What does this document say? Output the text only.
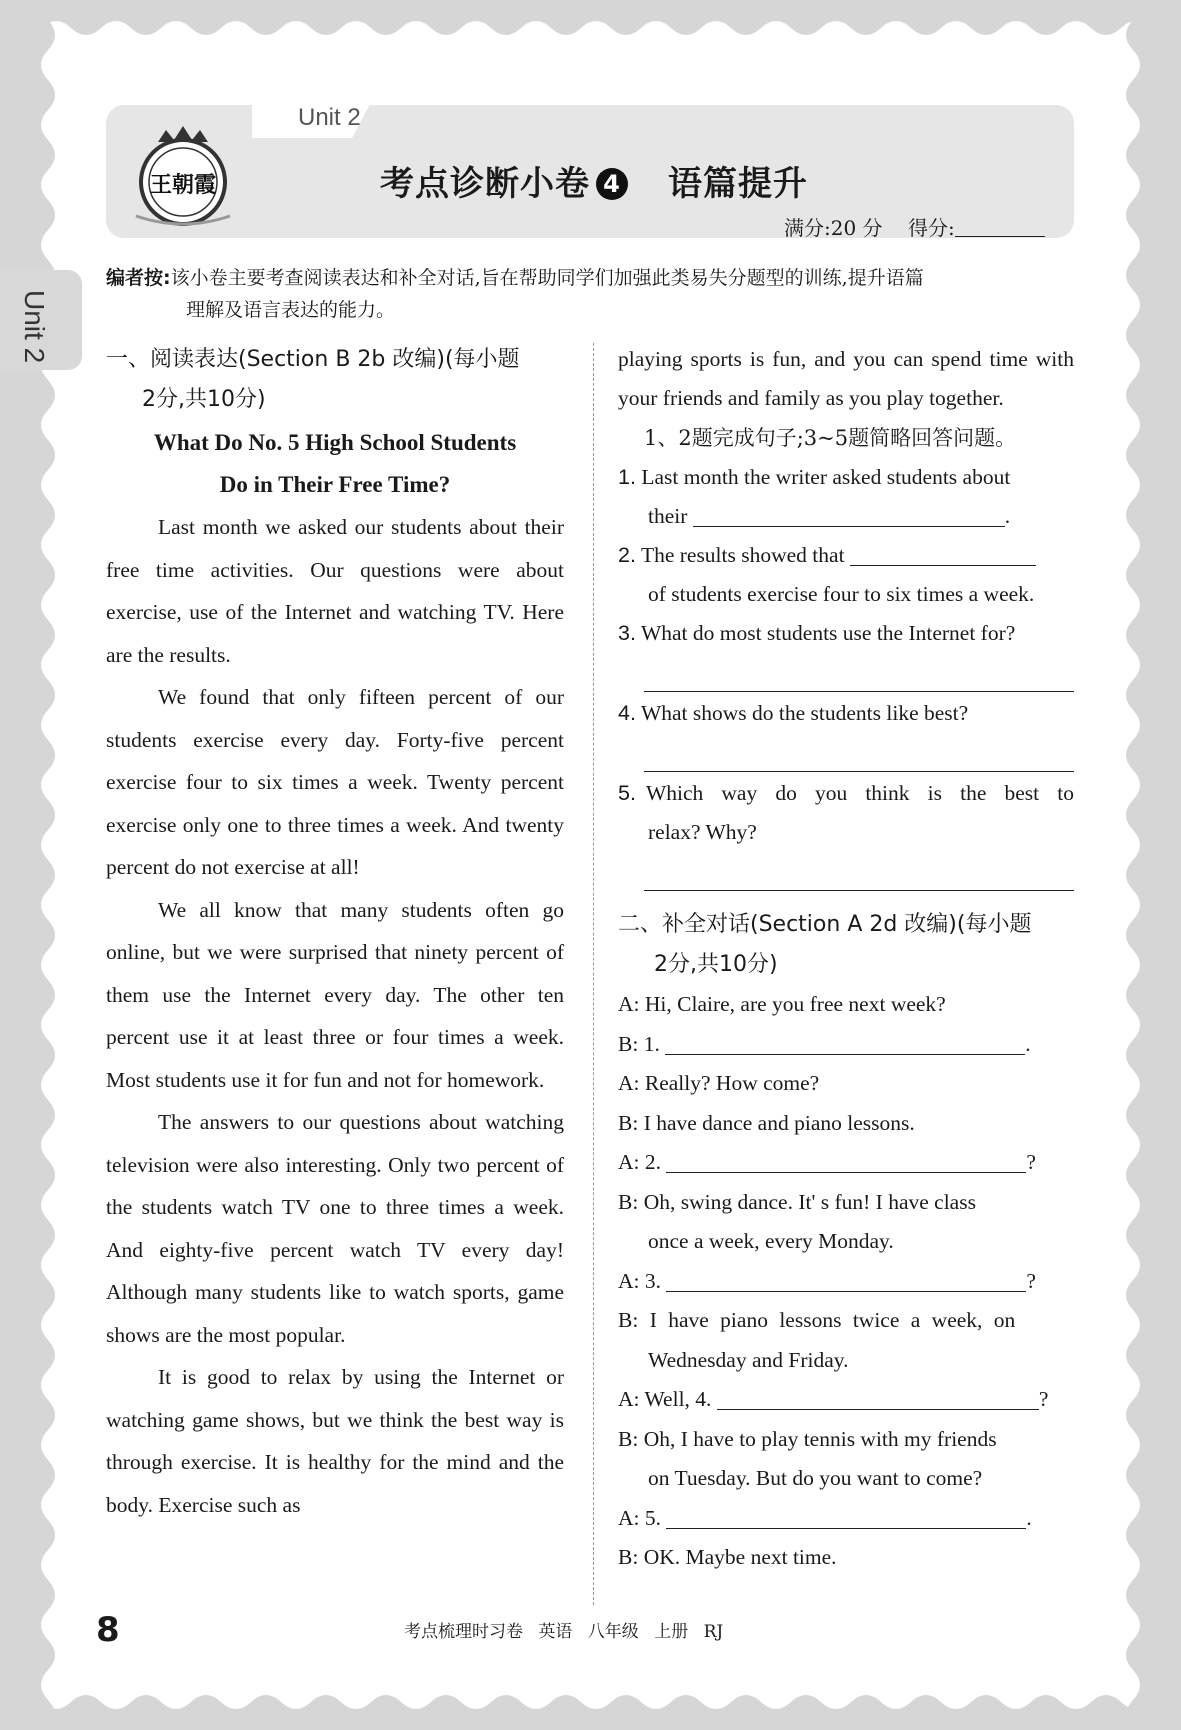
Unit 2
王朝霞	考点诊断小卷 4 语篇提升
满分:20 分 得分:
Unit 2
编者按:该小卷主要考查阅读表达和补全对话,旨在帮助同学们加强此类易失分题型的训练,提升语篇
理解及语言表达的能力。
一、阅读表达(Section B 2b 改编)(每小题
2分,共10分)
What Do No. 5 High School Students
Do in Their Free Time?

Last month we asked our students about their free time activities. Our questions were about exercise, use of the Internet and watching TV. Here are the results.

We found that only fifteen percent of our students exercise every day. Forty-five percent exercise four to six times a week. Twenty percent exercise only one to three times a week. And twenty percent do not exercise at all!

We all know that many students often go online, but we were surprised that ninety percent of them use the Internet every day. The other ten percent use it at least three or four times a week. Most students use it for fun and not for homework.

The answers to our questions about watching television were also interesting. Only two percent of the students watch TV one to three times a week. And eighty-five percent watch TV every day! Although many students like to watch sports, game shows are the most popular.

It is good to relax by using the Internet or watching game shows, but we think the best way is through exercise. It is healthy for the mind and the body. Exercise such as

playing sports is fun, and you can spend time with your friends and family as you play together.

1、2题完成句子;3~5题简略回答问题。
1. Last month the writer asked students about
their	.
2. The results showed that
of students exercise four to six times a week.
3. What do most students use the Internet for?
4. What shows do the students like best?
5. Which way do you think is the best to
relax? Why?
二、补全对话(Section A 2d 改编)(每小题
2分,共10分)
A: Hi, Claire, are you free next week?
B: 1.	.
A: Really? How come?
B: I have dance and piano lessons.
A: 2.	?
B: Oh, swing dance. It' s fun! I have class
once a week, every Monday.
A: 3.	?
B: I have piano lessons twice a week, on
Wednesday and Friday.
A: Well, 4.	?
B: Oh, I have to play tennis with my friends
on Tuesday. But do you want to come?
A: 5.	.
B: OK. Maybe next time.
8	考点梳理时习卷 英语 八年级 上册 RJ
